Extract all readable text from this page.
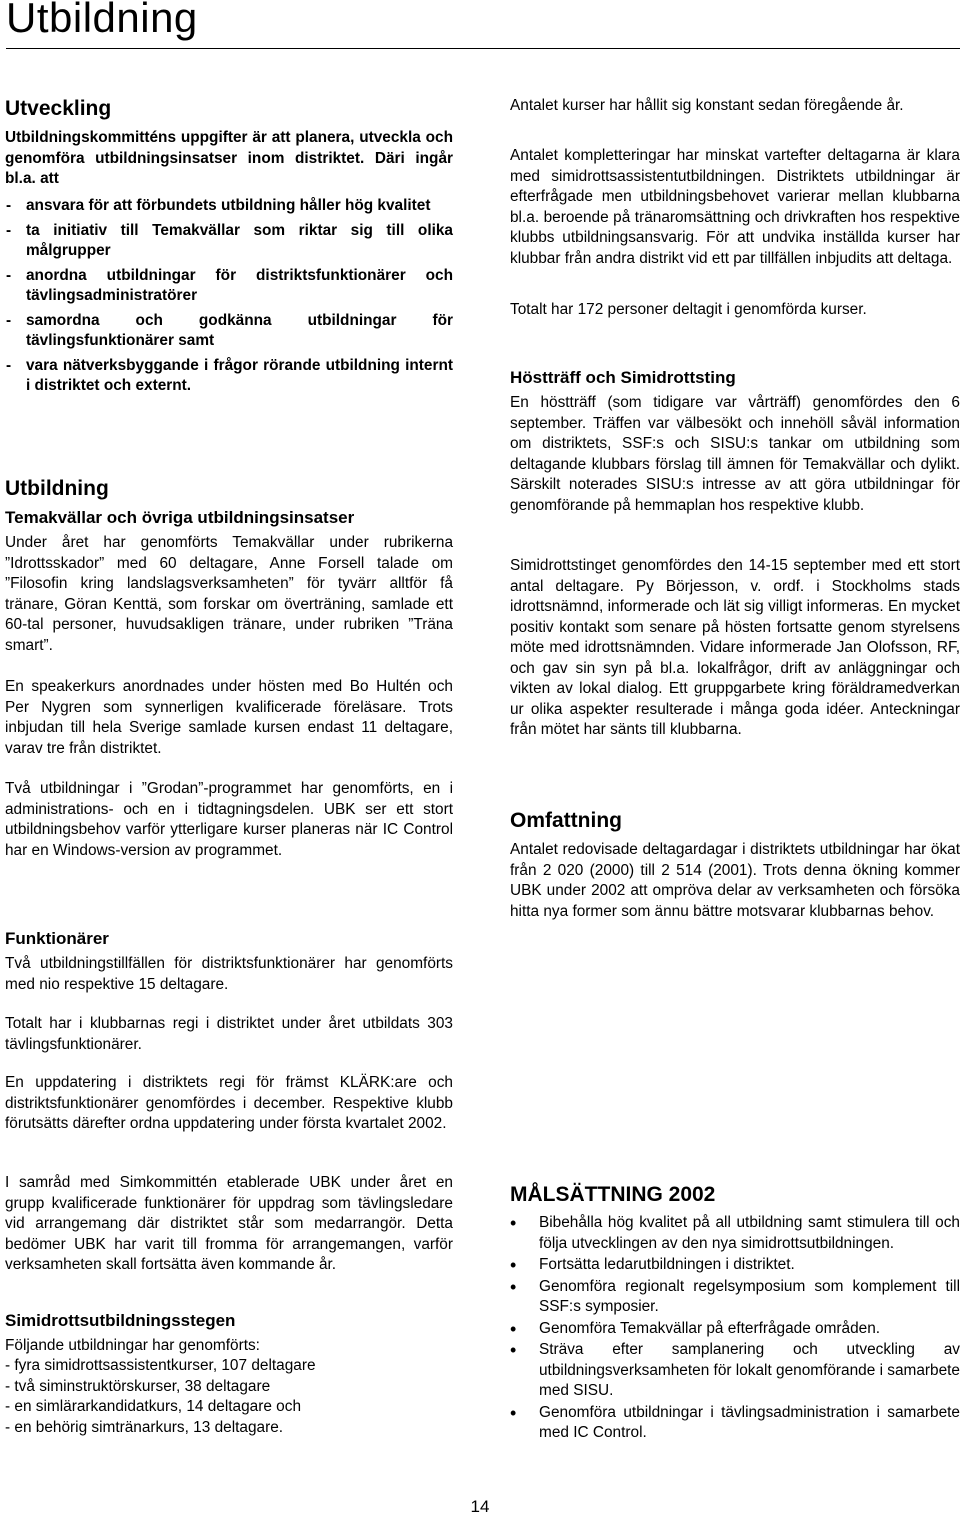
Utbildning
Utveckling

Utbildningskommitténs uppgifter är att planera, utveckla och genomföra utbildningsinsatser inom distriktet. Däri ingår bl.a. att

- ansvara för att förbundets utbildning håller hög kvalitet
- ta initiativ till Temakvällar som riktar sig till olika målgrupper
- anordna utbildningar för distriktsfunktionärer och tävlingsadministratörer
- samordna och godkänna utbildningar för tävlingsfunktionärer samt
- vara nätverksbyggande i frågor rörande utbildning internt i distriktet och externt.
Utbildning
Temakvällar och övriga utbildningsinsatser

Under året har genomförts Temakvällar under rubrikerna ”Idrottsskador” med 60 deltagare, Anne Forsell talade om ”Filosofin kring landslagsverksamheten” för tyvärr alltför få tränare, Göran Kenttä, som forskar om överträning, samlade ett 60-tal personer, huvudsakligen tränare, under rubriken ”Träna smart”.

En speakerkurs anordnades under hösten med Bo Hultén och Per Nygren som synnerligen kvalificerade föreläsare. Trots inbjudan till hela Sverige samlade kursen endast 11 deltagare, varav tre från distriktet.

Två utbildningar i ”Grodan”-programmet har genomförts, en i administrations- och en i tidtagningsdelen. UBK ser ett stort utbildningsbehov varför ytterligare kurser planeras när IC Control har en Windows-version av programmet.

Funktionärer

Två utbildningstillfällen för distriktsfunktionärer har genomförts med nio respektive 15 deltagare.

Totalt har i klubbarnas regi i distriktet under året utbildats 303 tävlingsfunktionärer.

En uppdatering i distriktets regi för främst KLÄRK:are och distriktsfunktionärer genomfördes i december. Respektive klubb förutsätts därefter ordna uppdatering under första kvartalet 2002.

I samråd med Simkommittén etablerade UBK under året en grupp kvalificerade funktionärer för uppdrag som tävlingsledare vid arrangemang där distriktet står som medarrangör. Detta bedömer UBK har varit till fromma för arrangemangen, varför verksamheten skall fortsätta även kommande år.

Simidrottsutbildningsstegen

Följande utbildningar har genomförts:

- fyra simidrottsassistentkurser, 107 deltagare
- två siminstruktörskurser, 38 deltagare
- en simlärarkandidatkurs, 14 deltagare och
- en behörig simtränarkurs, 13 deltagare.

Antalet kurser har hållit sig konstant sedan föregående år.

Antalet kompletteringar har minskat vartefter deltagarna är klara med simidrottsassistentutbildningen. Distriktets utbildningar är efterfrågade men utbildningsbehovet varierar mellan klubbarna bl.a. beroende på tränaromsättning och drivkraften hos respektive klubbs utbildningsansvarig. För att undvika inställda kurser har klubbar från andra distrikt vid ett par tillfällen inbjudits att deltaga.

Totalt har 172 personer deltagit i genomförda kurser.

Höstträff och Simidrottsting

En höstträff (som tidigare var vårträff) genomfördes den 6 september. Träffen var välbesökt och innehöll såväl information om distriktets, SSF:s och SISU:s tankar om utbildning som deltagande klubbars förslag till ämnen för Temakvällar och dylikt. Särskilt noterades SISU:s intresse av att göra utbildningar för genomförande på hemmaplan hos respektive klubb.

Simidrottstinget genomfördes den 14-15 september med ett stort antal deltagare. Py Börjesson, v. ordf. i Stockholms stads idrottsnämnd, informerade och lät sig villigt informeras. En mycket positiv kontakt som senare på hösten fortsatte genom styrelsens möte med idrottsnämnden. Vidare informerade Jan Olofsson, RF, och gav sin syn på bl.a. lokalfrågor, drift av anläggningar och vikten av lokal dialog. Ett gruppgarbete kring föräldramedverkan ur olika aspekter resulterade i många goda idéer. Anteckningar från mötet har sänts till klubbarna.

Omfattning

Antalet redovisade deltagardagar i distriktets utbildningar har ökat från 2 020 (2000) till 2 514 (2001). Trots denna ökning kommer UBK under 2002 att ompröva delar av verksamheten och försöka hitta nya former som ännu bättre motsvarar klubbarnas behov.

MÅLSÄTTNING 2002
• Bibehålla hög kvalitet på all utbildning samt stimulera till och följa utvecklingen av den nya simidrottsutbildningen.
• Fortsätta ledarutbildningen i distriktet.
• Genomföra regionalt regelsymposium som komplement till SSF:s symposier.
• Genomföra Temakvällar på efterfrågade områden.
• Sträva efter samplanering och utveckling av utbildningsverksamheten för lokalt genomförande i samarbete med SISU.
• Genomföra utbildningar i tävlingsadministration i samarbete med IC Control.

14
